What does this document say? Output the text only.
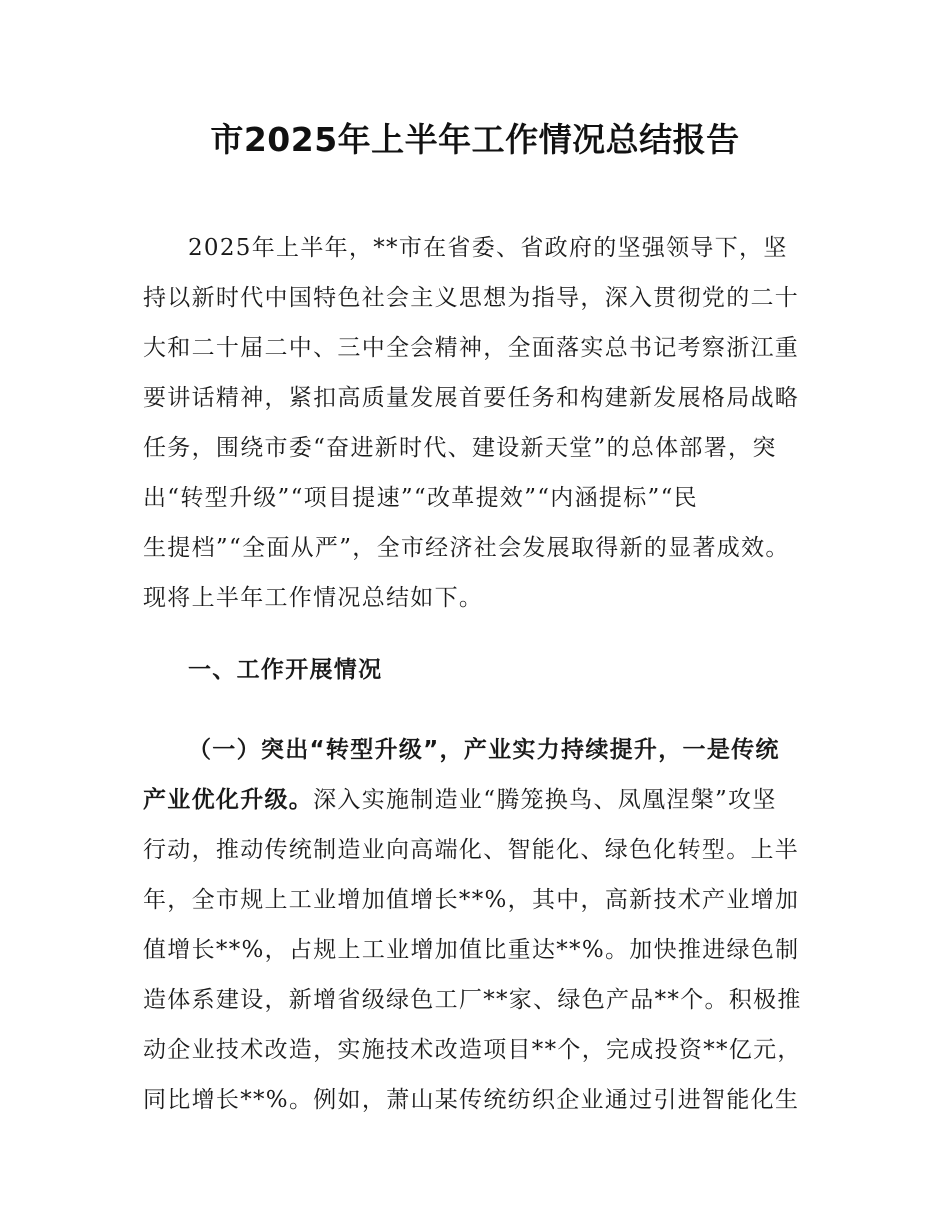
市2025年上半年工作情况总结报告
2025年上半年，**市在省委、省政府的坚强领导下，坚
持以新时代中国特色社会主义思想为指导，深入贯彻党的二十
大和二十届二中、三中全会精神，全面落实总书记考察浙江重
要讲话精神，紧扣高质量发展首要任务和构建新发展格局战略
任务，围绕市委“奋进新时代、建设新天堂”的总体部署，突
出“转型升级”“项目提速”“改革提效”“内涵提标”“民
生提档”“全面从严”，全市经济社会发展取得新的显著成效。
现将上半年工作情况总结如下。
一、工作开展情况
（一）突出“转型升级”，产业实力持续提升，一是传统
产业优化升级。深入实施制造业“腾笼换鸟、凤凰涅槃”攻坚
行动，推动传统制造业向高端化、智能化、绿色化转型。上半
年，全市规上工业增加值增长**%，其中，高新技术产业增加
值增长**%，占规上工业增加值比重达**%。加快推进绿色制
造体系建设，新增省级绿色工厂**家、绿色产品**个。积极推
动企业技术改造，实施技术改造项目**个，完成投资**亿元，
同比增长**%。例如，萧山某传统纺织企业通过引进智能化生
